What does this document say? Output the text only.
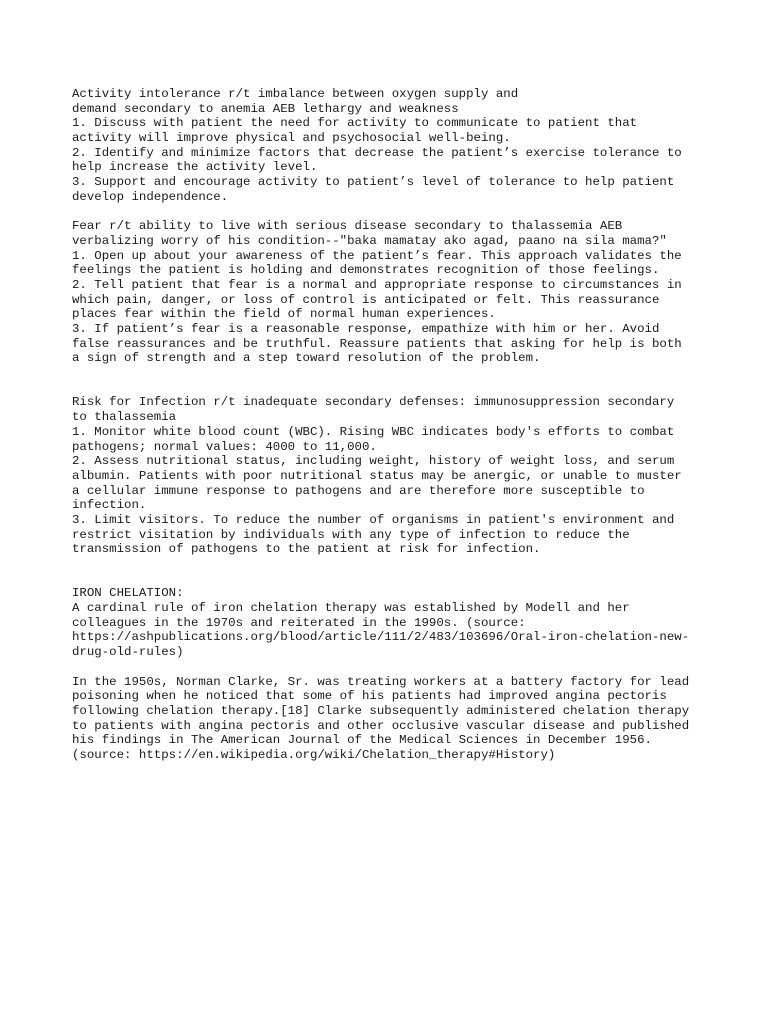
Activity intolerance r/t imbalance between oxygen supply and
demand secondary to anemia AEB lethargy and weakness
1. Discuss with patient the need for activity to communicate to patient that
activity will improve physical and psychosocial well-being.
2. Identify and minimize factors that decrease the patient’s exercise tolerance to
help increase the activity level.
3. Support and encourage activity to patient’s level of tolerance to help patient
develop independence.
Fear r/t ability to live with serious disease secondary to thalassemia AEB
verbalizing worry of his condition--"baka mamatay ako agad, paano na sila mama?"
1. Open up about your awareness of the patient’s fear. This approach validates the
feelings the patient is holding and demonstrates recognition of those feelings.
2. Tell patient that fear is a normal and appropriate response to circumstances in
which pain, danger, or loss of control is anticipated or felt. This reassurance
places fear within the field of normal human experiences.
3. If patient’s fear is a reasonable response, empathize with him or her. Avoid
false reassurances and be truthful. Reassure patients that asking for help is both
a sign of strength and a step toward resolution of the problem.
Risk for Infection r/t inadequate secondary defenses: immunosuppression secondary
to thalassemia
1. Monitor white blood count (WBC). Rising WBC indicates body's efforts to combat
pathogens; normal values: 4000 to 11,000.
2. Assess nutritional status, including weight, history of weight loss, and serum
albumin. Patients with poor nutritional status may be anergic, or unable to muster
a cellular immune response to pathogens and are therefore more susceptible to
infection.
3. Limit visitors. To reduce the number of organisms in patient's environment and
restrict visitation by individuals with any type of infection to reduce the
transmission of pathogens to the patient at risk for infection.
IRON CHELATION:
A cardinal rule of iron chelation therapy was established by Modell and her
colleagues in the 1970s and reiterated in the 1990s. (source:
https://ashpublications.org/blood/article/111/2/483/103696/Oral-iron-chelation-new-
drug-old-rules)
In the 1950s, Norman Clarke, Sr. was treating workers at a battery factory for lead
poisoning when he noticed that some of his patients had improved angina pectoris
following chelation therapy.[18] Clarke subsequently administered chelation therapy
to patients with angina pectoris and other occlusive vascular disease and published
his findings in The American Journal of the Medical Sciences in December 1956.
(source: https://en.wikipedia.org/wiki/Chelation_therapy#History)
